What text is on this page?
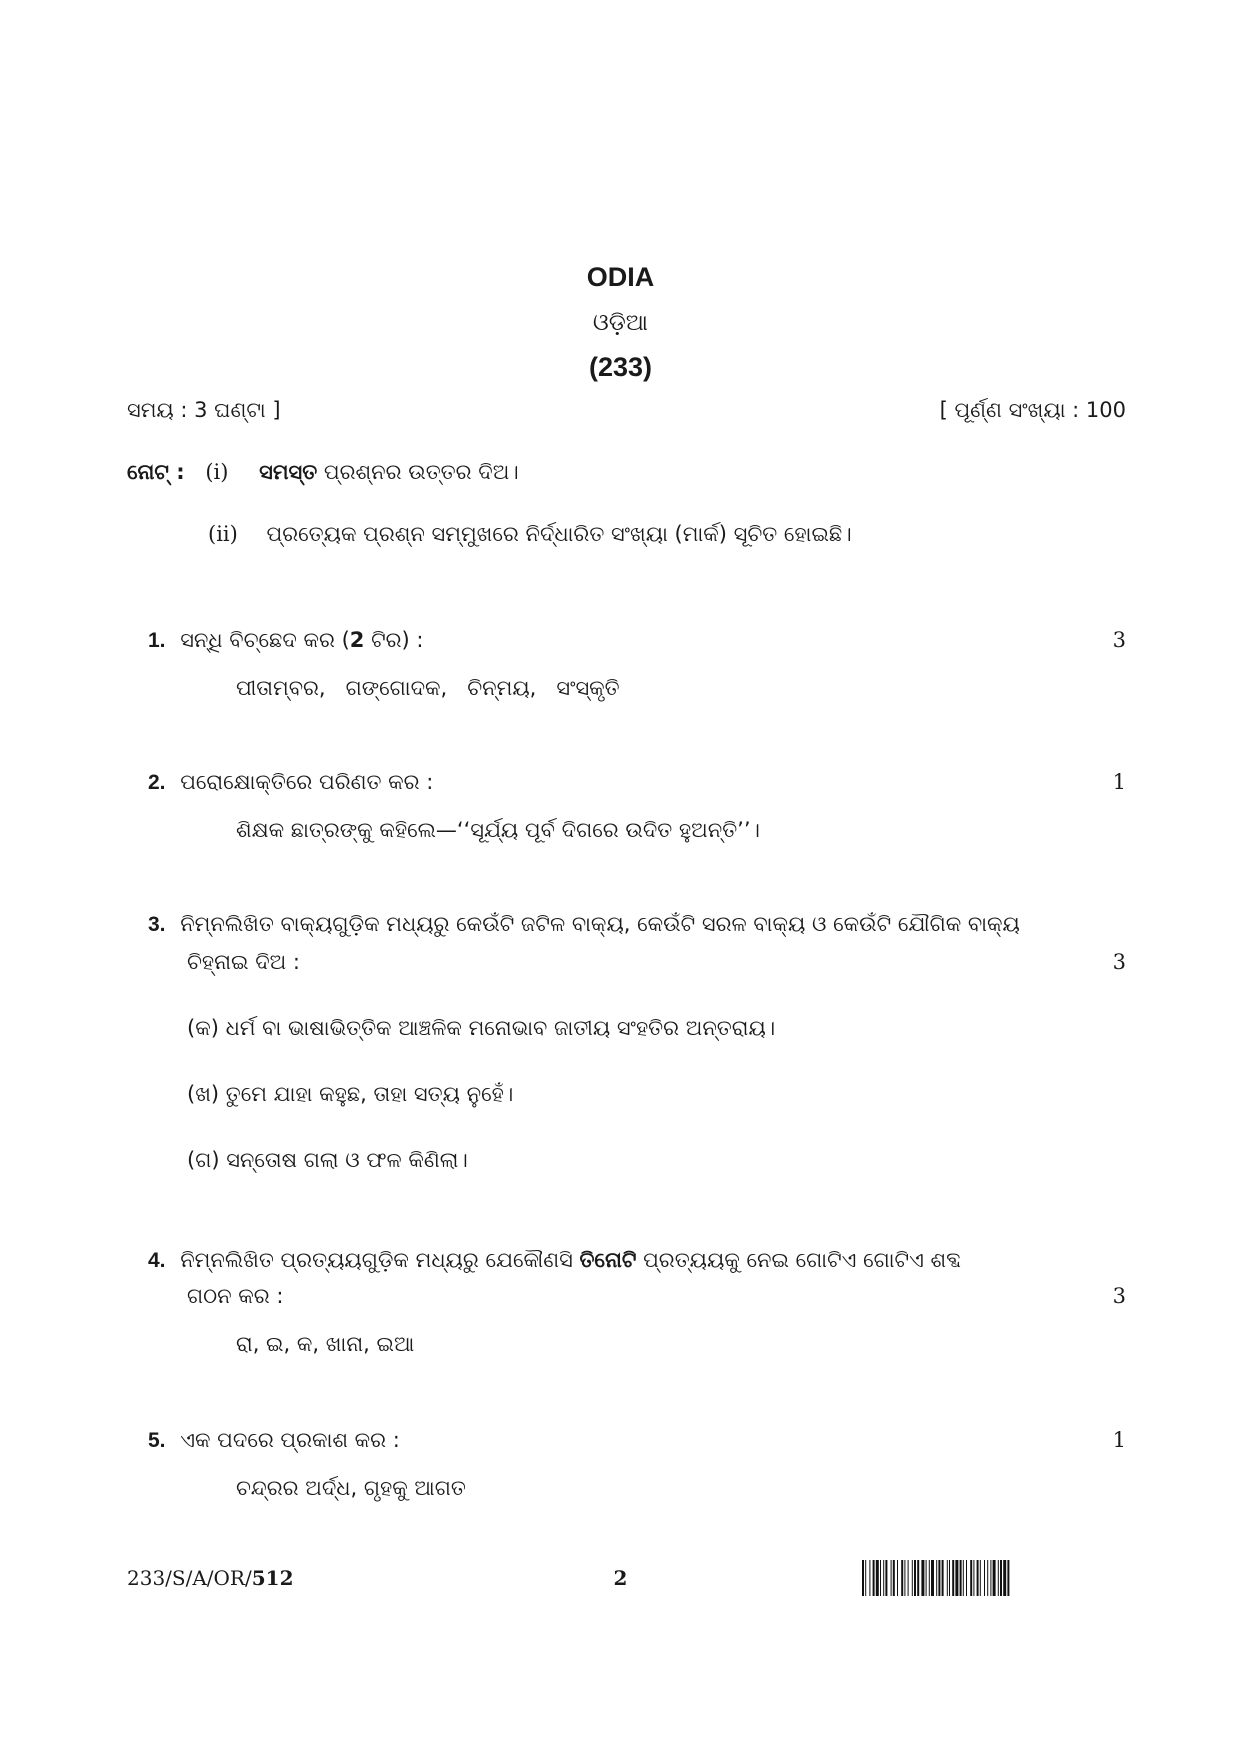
ODIA
ଓଡ଼ିଆ
(233)
ସମୟ : 3 ଘଣ୍ଟା ]	[ ପୂର୍ଣ୍ଣ ସଂଖ୍ୟା : 100
ନୋଟ୍ : (i) ସମସ୍ତ ପ୍ରଶ୍ନର ଉତ୍ତର ଦିଅ।
(ii) ପ୍ରତ୍ୟେକ ପ୍ରଶ୍ନ ସମ୍ମୁଖରେ ନିର୍ଦ୍ଧାରିତ ସଂଖ୍ୟା (ମାର୍କ) ସୂଚିତ ହୋଇଛି।
1. ସନ୍ଧି ବିଚ୍ଛେଦ କର (2 ଟିର) :	3
ପୀତାମ୍ବର,   ଗଙ୍ଗୋଦକ,   ଚିନ୍ମୟ,   ସଂସ୍କୃତି
2. ପରୋକ୍ଷୋକ୍ତିରେ ପରିଣତ କର :	1
ଶିକ୍ଷକ ଛାତ୍ରଙ୍କୁ କହିଲେ—‘‘ସୂର୍ଯ୍ୟ ପୂର୍ବ ଦିଗରେ ଉଦିତ ହୁଅନ୍ତି’’।
3. ନିମ୍ନଲିଖିତ ବାକ୍ୟଗୁଡ଼ିକ ମଧ୍ୟରୁ କେଉଁଟି ଜଟିଳ ବାକ୍ୟ, କେଉଁଟି ସରଳ ବାକ୍ୟ ଓ କେଉଁଟି ଯୌଗିକ ବାକ୍ୟ
ଚିହ୍ନାଇ ଦିଅ :	3
(କ) ଧର୍ମ ବା ଭାଷାଭିତ୍ତିକ ଆଞ୍ଚଳିକ ମନୋଭାବ ଜାତୀୟ ସଂହତିର ଅନ୍ତରାୟ।
(ଖ) ତୁମେ ଯାହା କହୁଛ, ତାହା ସତ୍ୟ ନୁହେଁ।
(ଗ) ସନ୍ତୋଷ ଗଲା ଓ ଫଳ କିଣିଲା।
4. ନିମ୍ନଲିଖିତ ପ୍ରତ୍ୟୟଗୁଡ଼ିକ ମଧ୍ୟରୁ ଯେକୌଣସି ତିନୋଟି ପ୍ରତ୍ୟୟକୁ ନେଇ ଗୋଟିଏ ଗୋଟିଏ ଶବ୍ଦ
ଗଠନ କର :	3
ରା, ଇ, କ, ଖାନା, ଇଆ
5. ଏକ ପଦରେ ପ୍ରକାଶ କର :	1
ଚନ୍ଦ୍ରର ଅର୍ଦ୍ଧ, ଗୃହକୁ ଆଗତ
233/S/A/OR/512	2
